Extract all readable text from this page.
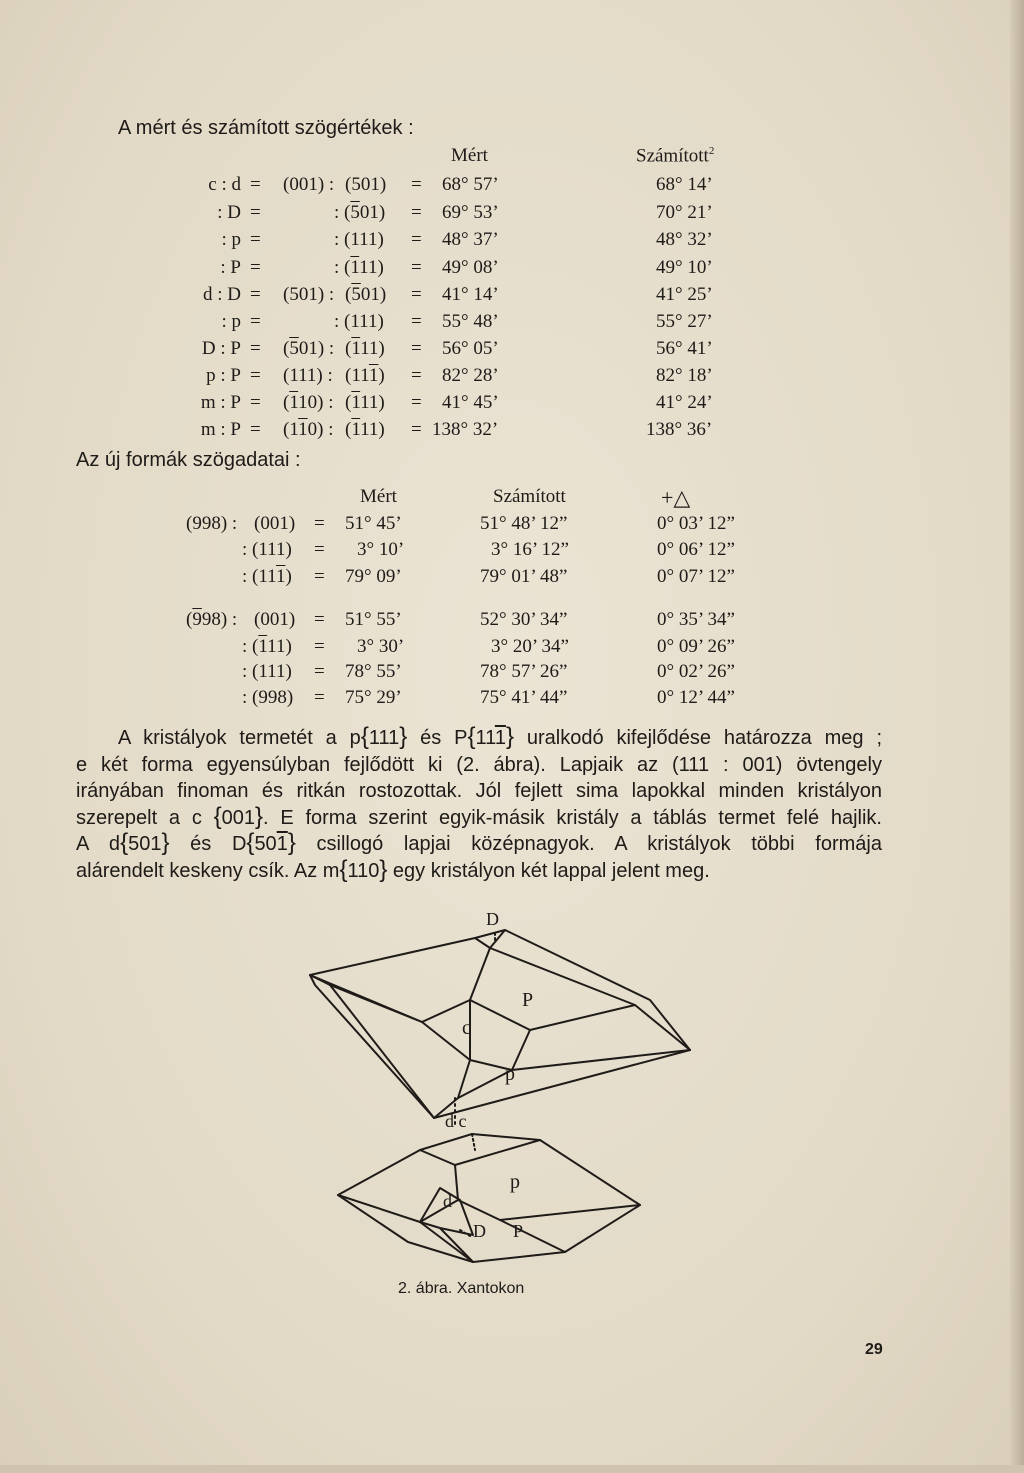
A mért és számított szögértékek :
Mért	Számított$^2$
c : d = (001) : (501) = 68° 57’	68° 14’
: D =	: (501) = 69° 53’	70° 21’
: p =	: (111) = 48° 37’	48° 32’
: P =	: (111) = 49° 08’	49° 10’
d : D = (501) : (501) = 41° 14’	41° 25’
: p =	: (111) = 55° 48’	55° 27’
D : P = (501) : (111) = 56° 05’	56° 41’
p : P = (111) : (111) = 82° 28’	82° 18’
m : P = (110) : (111) = 41° 45’	41° 24’
m : P = (110) : (111) = 138° 32’	138° 36’
Az új formák szögadatai :
Mért	Számított	+△
(998) : (001) = 51° 45’	51° 48’ 12”	0° 03’ 12”
: (111) = 3° 10’	3° 16’ 12”	0° 06’ 12”
: (111) = 79° 09’	79° 01’ 48”	0° 07’ 12”
(998) : (001) = 51° 55’	52° 30’ 34”	0° 35’ 34”
: (111) = 3° 30’	3° 20’ 34”	0° 09’ 26”
: (111) = 78° 55’	78° 57’ 26”	0° 02’ 26”
: (998) = 75° 29’	75° 41’ 44”	0° 12’ 44”
A kristályok termetét a p{111} és P{111} uralkodó kifejlődése határozza meg ;
e két forma egyensúlyban fejlődött ki (2. ábra). Lapjaik az (111 : 001) övtengely
irányában finoman és ritkán rostozottak. Jól fejlett sima lapokkal minden kristályon
szerepelt a c {001}. E forma szerint egyik-másik kristály a táblás termet felé hajlik.
A d{501} és D{501} csillogó lapjai középnagyok. A kristályok többi formája
alárendelt keskeny csík. Az m{110} egy kristályon két lappal jelent meg.
D
P
c
p
d c
p
d
D P
2. ábra. Xantokon
29
